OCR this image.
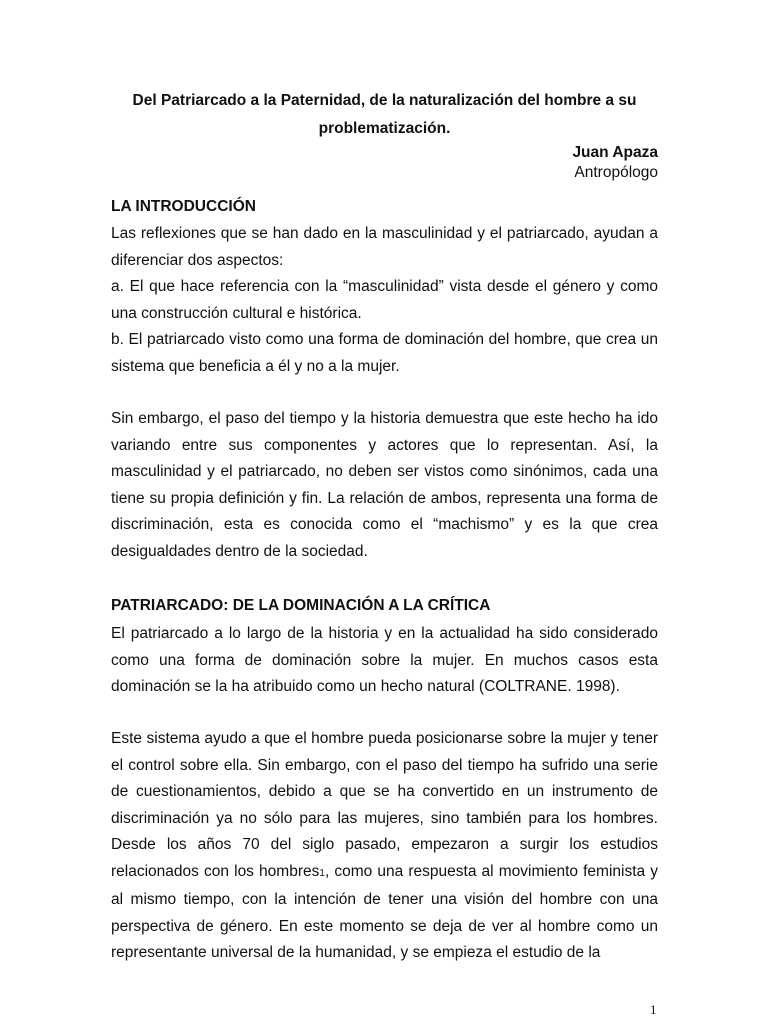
Del Patriarcado a la Paternidad, de la naturalización del hombre a su
problematización.
Juan Apaza
Antropólogo
LA INTRODUCCIÓN

Las reflexiones que se han dado en la masculinidad y el patriarcado, ayudan a diferenciar dos aspectos:

a. El que hace referencia con la “masculinidad” vista desde el género y como una construcción cultural e histórica.

b. El patriarcado visto como una forma de dominación del hombre, que crea un sistema que beneficia a él y no a la mujer.

Sin embargo, el paso del tiempo y la historia demuestra que este hecho ha ido variando entre sus componentes y actores que lo representan. Así, la masculinidad y el patriarcado, no deben ser vistos como sinónimos, cada una tiene su propia definición y fin. La relación de ambos, representa una forma de discriminación, esta es conocida como el “machismo” y es la que crea desigualdades dentro de la sociedad.
PATRIARCADO: DE LA DOMINACIÓN A LA CRÍTICA
El patriarcado a lo largo de la historia y en la actualidad ha sido considerado como una forma de dominación sobre la mujer. En muchos casos esta dominación se la ha atribuido como un hecho natural (COLTRANE. 1998).
Este sistema ayudo a que el hombre pueda posicionarse sobre la mujer y tener el control sobre ella. Sin embargo, con el paso del tiempo ha sufrido una serie de cuestionamientos, debido a que se ha convertido en un instrumento de discriminación ya no sólo para las mujeres, sino también para los hombres. Desde los años 70 del siglo pasado, empezaron a surgir los estudios relacionados con los hombres1, como una respuesta al movimiento feminista y al mismo tiempo, con la intención de tener una visión del hombre con una perspectiva de género. En este momento se deja de ver al hombre como un representante universal de la humanidad, y se empieza el estudio de la
1
